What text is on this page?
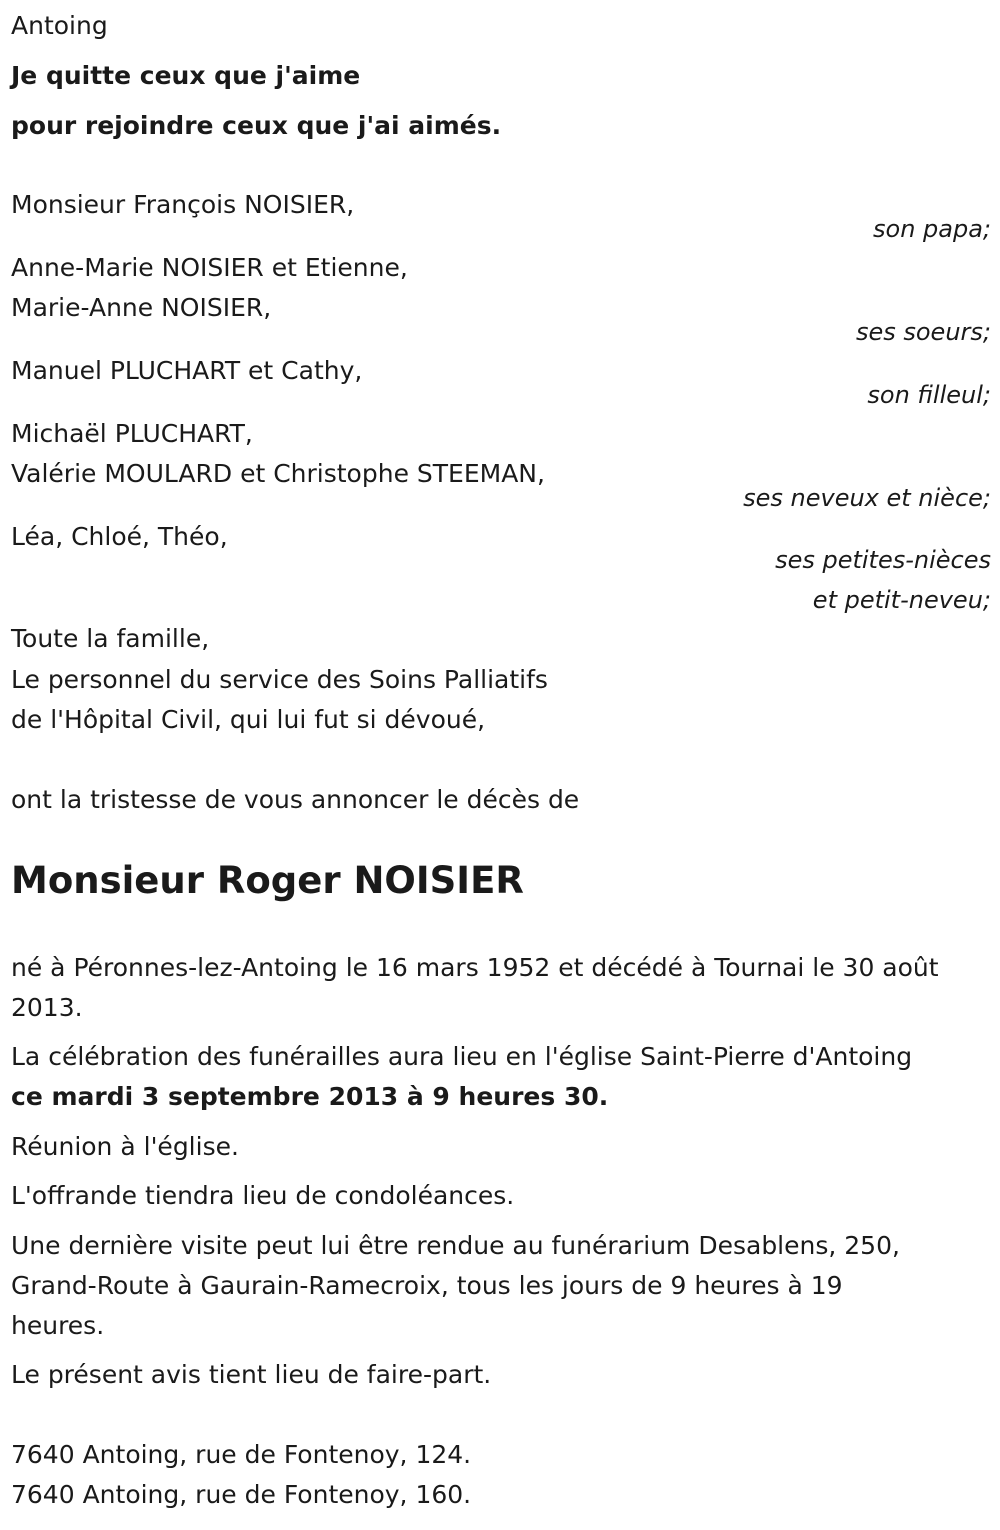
Antoing
Je quitte ceux que j'aime
pour rejoindre ceux que j'ai aimés.
Monsieur François NOISIER,
son papa;
Anne-Marie NOISIER et Etienne,
Marie-Anne NOISIER,
ses soeurs;
Manuel PLUCHART et Cathy,
son filleul;
Michaël PLUCHART,
Valérie MOULARD et Christophe STEEMAN,
ses neveux et nièce;
Léa, Chloé, Théo,
ses petites-nièces
et petit-neveu;
Toute la famille,
Le personnel du service des Soins Palliatifs
de l'Hôpital Civil, qui lui fut si dévoué,
ont la tristesse de vous annoncer le décès de
Monsieur Roger NOISIER
né à Péronnes-lez-Antoing le 16 mars 1952 et décédé à Tournai le 30 août
2013.
La célébration des funérailles aura lieu en l'église Saint-Pierre d'Antoing
ce mardi 3 septembre 2013 à 9 heures 30.
Réunion à l'église.
L'offrande tiendra lieu de condoléances.
Une dernière visite peut lui être rendue au funérarium Desablens, 250,
Grand-Route à Gaurain-Ramecroix, tous les jours de 9 heures à 19
heures.
Le présent avis tient lieu de faire-part.
7640 Antoing, rue de Fontenoy, 124.
7640 Antoing, rue de Fontenoy, 160.
